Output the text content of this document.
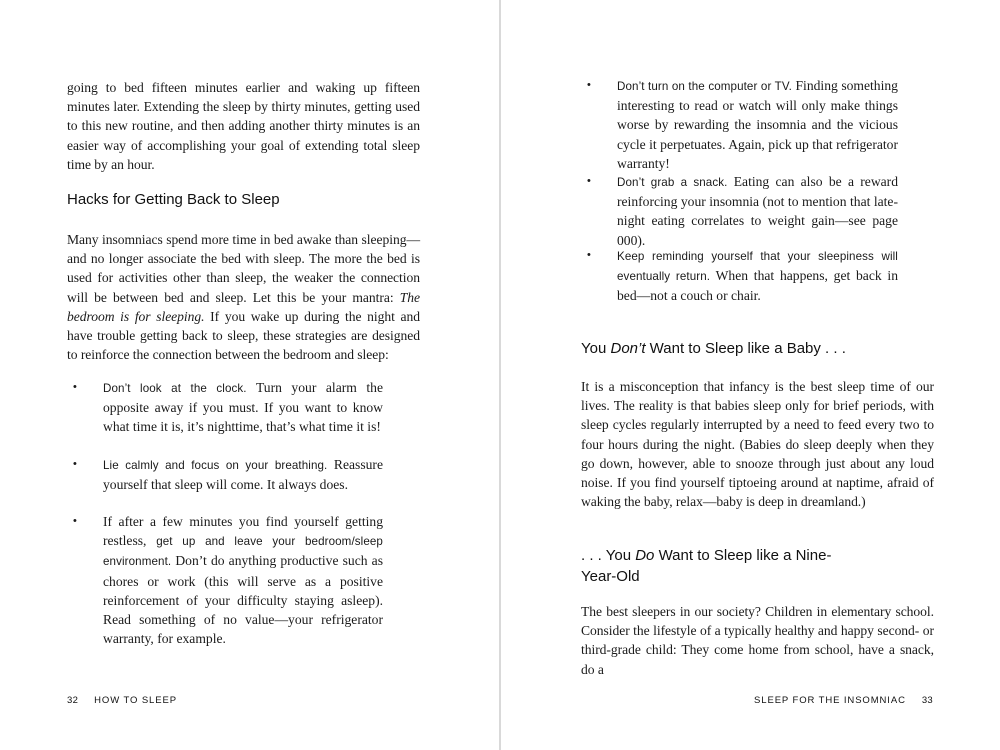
going to bed fifteen minutes earlier and waking up fifteen minutes later. Extending the sleep by thirty minutes, getting used to this new routine, and then adding another thirty minutes is an easier way of accomplishing your goal of extending total sleep time by an hour.

Hacks for Getting Back to Sleep

Many insomniacs spend more time in bed awake than sleeping—and no longer associate the bed with sleep. The more the bed is used for activities other than sleep, the weaker the connection will be between bed and sleep. Let this be your mantra: The bedroom is for sleeping. If you wake up during the night and have trouble getting back to sleep, these strategies are designed to reinforce the connection between the bedroom and sleep:

• Don’t look at the clock. Turn your alarm the opposite away if you must. If you want to know what time it is, it’s nighttime, that’s what time it is!

• Lie calmly and focus on your breathing. Reassure yourself that sleep will come. It always does.

• If after a few minutes you find yourself getting restless, get up and leave your bedroom/sleep environment. Don’t do anything productive such as chores or work (this will serve as a positive reinforcement of your difficulty staying asleep). Read something of no value—your refrigerator warranty, for example.

32 HOW TO SLEEP
• Don’t turn on the computer or TV. Finding something interesting to read or watch will only make things worse by rewarding the insomnia and the vicious cycle it perpetuates. Again, pick up that refrigerator warranty!

• Don’t grab a snack. Eating can also be a reward reinforcing your insomnia (not to mention that late-night eating correlates to weight gain—see page 000).

• Keep reminding yourself that your sleepiness will eventually return. When that happens, get back in bed—not a couch or chair.

You Don’t Want to Sleep like a Baby . . .

It is a misconception that infancy is the best sleep time of our lives. The reality is that babies sleep only for brief periods, with sleep cycles regularly interrupted by a need to feed every two to four hours during the night. (Babies do sleep deeply when they go down, however, able to snooze through just about any loud noise. If you find yourself tiptoeing around at naptime, afraid of waking the baby, relax—baby is deep in dreamland.)

. . . You Do Want to Sleep like a Nine-Year-Old

The best sleepers in our society? Children in elementary school. Consider the lifestyle of a typically healthy and happy second- or third-grade child: They come home from school, have a snack, do a

SLEEP FOR THE INSOMNIAC 33
